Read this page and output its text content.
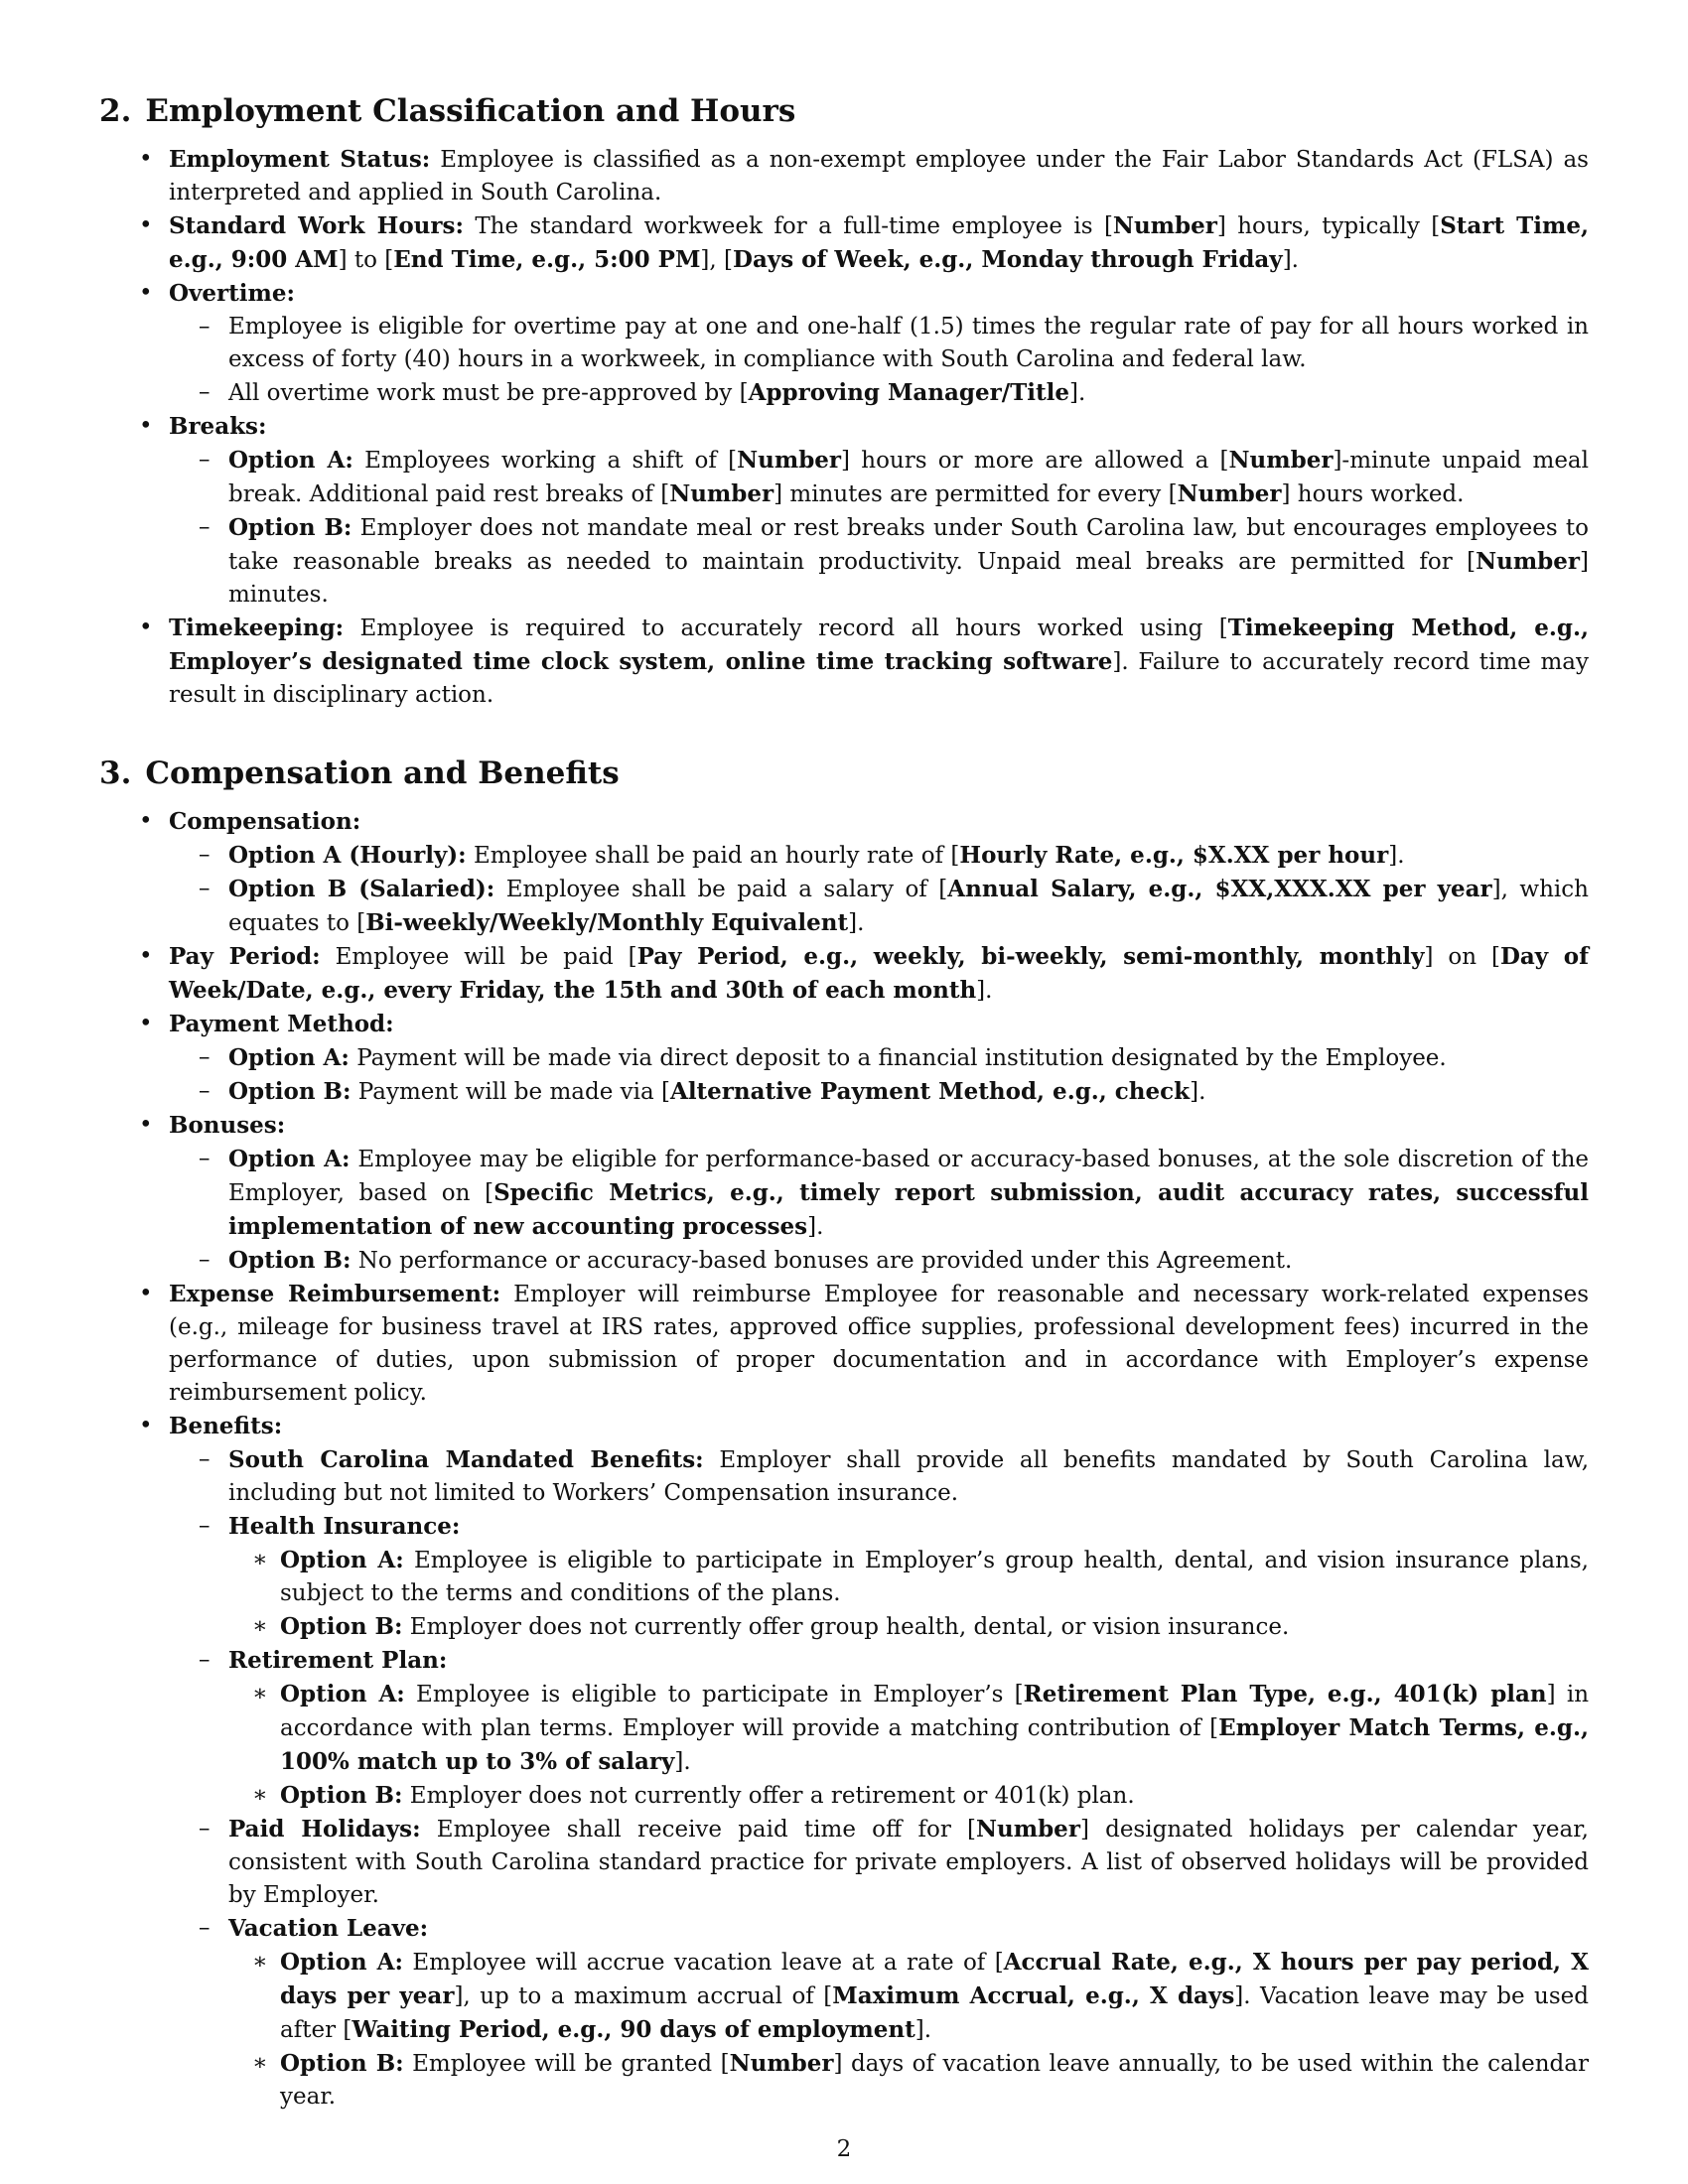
2. Employment Classification and Hours
• Employment Status: Employee is classified as a non-exempt employee under the Fair Labor Standards Act (FLSA) as interpreted and applied in South Carolina.
• Standard Work Hours: The standard workweek for a full-time employee is [Number] hours, typically [Start Time, e.g., 9:00 AM] to [End Time, e.g., 5:00 PM], [Days of Week, e.g., Monday through Friday].
• Overtime:
– Employee is eligible for overtime pay at one and one-half (1.5) times the regular rate of pay for all hours worked in excess of forty (40) hours in a workweek, in compliance with South Carolina and federal law.
– All overtime work must be pre-approved by [Approving Manager/Title].
• Breaks:
– Option A: Employees working a shift of [Number] hours or more are allowed a [Number]-minute unpaid meal break. Additional paid rest breaks of [Number] minutes are permitted for every [Number] hours worked.
– Option B: Employer does not mandate meal or rest breaks under South Carolina law, but encourages employees to take reasonable breaks as needed to maintain productivity. Unpaid meal breaks are permitted for [Number] minutes.
• Timekeeping: Employee is required to accurately record all hours worked using [Timekeeping Method, e.g., Employer’s designated time clock system, online time tracking software]. Failure to accurately record time may result in disciplinary action.
3. Compensation and Benefits
• Compensation:
– Option A (Hourly): Employee shall be paid an hourly rate of [Hourly Rate, e.g., $X.XX per hour].
– Option B (Salaried): Employee shall be paid a salary of [Annual Salary, e.g., $XX,XXX.XX per year], which equates to [Bi-weekly/Weekly/Monthly Equivalent].
• Pay Period: Employee will be paid [Pay Period, e.g., weekly, bi-weekly, semi-monthly, monthly] on [Day of Week/Date, e.g., every Friday, the 15th and 30th of each month].
• Payment Method:
– Option A: Payment will be made via direct deposit to a financial institution designated by the Employee.
– Option B: Payment will be made via [Alternative Payment Method, e.g., check].
• Bonuses:
– Option A: Employee may be eligible for performance-based or accuracy-based bonuses, at the sole discretion of the Employer, based on [Specific Metrics, e.g., timely report submission, audit accuracy rates, successful implementation of new accounting processes].
– Option B: No performance or accuracy-based bonuses are provided under this Agreement.
• Expense Reimbursement: Employer will reimburse Employee for reasonable and necessary work-related expenses (e.g., mileage for business travel at IRS rates, approved office supplies, professional development fees) incurred in the performance of duties, upon submission of proper documentation and in accordance with Employer’s expense reimbursement policy.
• Benefits:
– South Carolina Mandated Benefits: Employer shall provide all benefits mandated by South Carolina law, including but not limited to Workers’ Compensation insurance.
– Health Insurance:
∗ Option A: Employee is eligible to participate in Employer’s group health, dental, and vision insurance plans, subject to the terms and conditions of the plans.
∗ Option B: Employer does not currently offer group health, dental, or vision insurance.
– Retirement Plan:
∗ Option A: Employee is eligible to participate in Employer’s [Retirement Plan Type, e.g., 401(k) plan] in accordance with plan terms. Employer will provide a matching contribution of [Employer Match Terms, e.g., 100% match up to 3% of salary].
∗ Option B: Employer does not currently offer a retirement or 401(k) plan.
– Paid Holidays: Employee shall receive paid time off for [Number] designated holidays per calendar year, consistent with South Carolina standard practice for private employers. A list of observed holidays will be provided by Employer.
– Vacation Leave:
∗ Option A: Employee will accrue vacation leave at a rate of [Accrual Rate, e.g., X hours per pay period, X days per year], up to a maximum accrual of [Maximum Accrual, e.g., X days]. Vacation leave may be used after [Waiting Period, e.g., 90 days of employment].
∗ Option B: Employee will be granted [Number] days of vacation leave annually, to be used within the calendar year.
2
